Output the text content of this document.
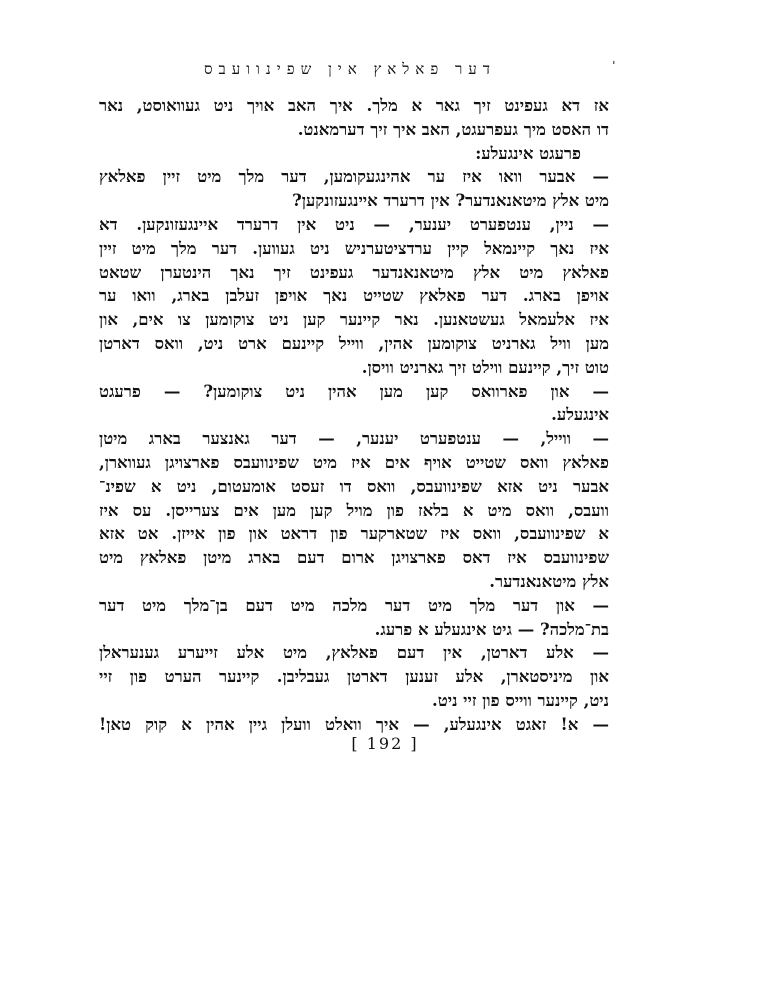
דער פאלאץ אין שפינוועבס	ˈ
אז דא געפינט זיך גאר א מלך. איך האב אויך ניט געוואוסט, נאר
דו האסט מיך געפרעגט, האב איך זיך דערמאנט.
פרעגט אינגעלע:
— אבער וואו איז ער אהינגעקומען, דער מלך מיט זיין פאלאץ
מיט אלץ מיטאנאנדער? אין דרערד איינגעזונקען?
— ניין, ענטפערט יענער, — ניט אין דרערד איינגעזונקען. דא
איז נאך קיינמאל קיין ערדציטערניש ניט געווען. דער מלך מיט זיין
פאלאץ מיט אלץ מיטאנאנדער געפינט זיך נאך הינטערן שטאט
אויפן בארג. דער פאלאץ שטייט נאך אויפן זעלבן בארג, וואו ער
איז אלעמאל געשטאנען. נאר קיינער קען ניט צוקומען צו אים, און
מען וויל גארניט צוקומען אהין, ווייל קיינעם ארט ניט, וואס דארטן
טוט זיך, קיינעם ווילט זיך גארניט וויסן.
— און פארוואס קען מען אהין ניט צוקומען? — פרעגט
אינגעלע.
— ווייל, — ענטפערט יענער, — דער גאנצער בארג מיטן
פאלאץ וואס שטייט אויף אים איז מיט שפינוועבס פארצויגן געווארן,
אבער ניט אזא שפינוועבס, וואס דו זעסט אומעטום, ניט א שפינ־
וועבס, וואס מיט א בלאז פון מויל קען מען אים צערייסן. עס איז
א שפינוועבס, וואס איז שטארקער פון דראט און פון אייזן. אט אזא
שפינוועבס איז דאס פארצויגן ארום דעם בארג מיטן פאלאץ מיט
אלץ מיטאנאנדער.
— און דער מלך מיט דער מלכה מיט דעם בן־מלך מיט דער
בת־מלכה? — גיט אינגעלע א פרעג.
— אלע דארטן, אין דעם פאלאץ, מיט אלע זייערע גענעראלן
און מיניסטארן, אלע זענען דארטן געבליבן. קיינער הערט פון זיי
ניט, קיינער ווייס פון זיי ניט.
— א! זאגט אינגעלע, — איך וואלט וועלן גיין אהין א קוק טאן!
[ 192 ]
